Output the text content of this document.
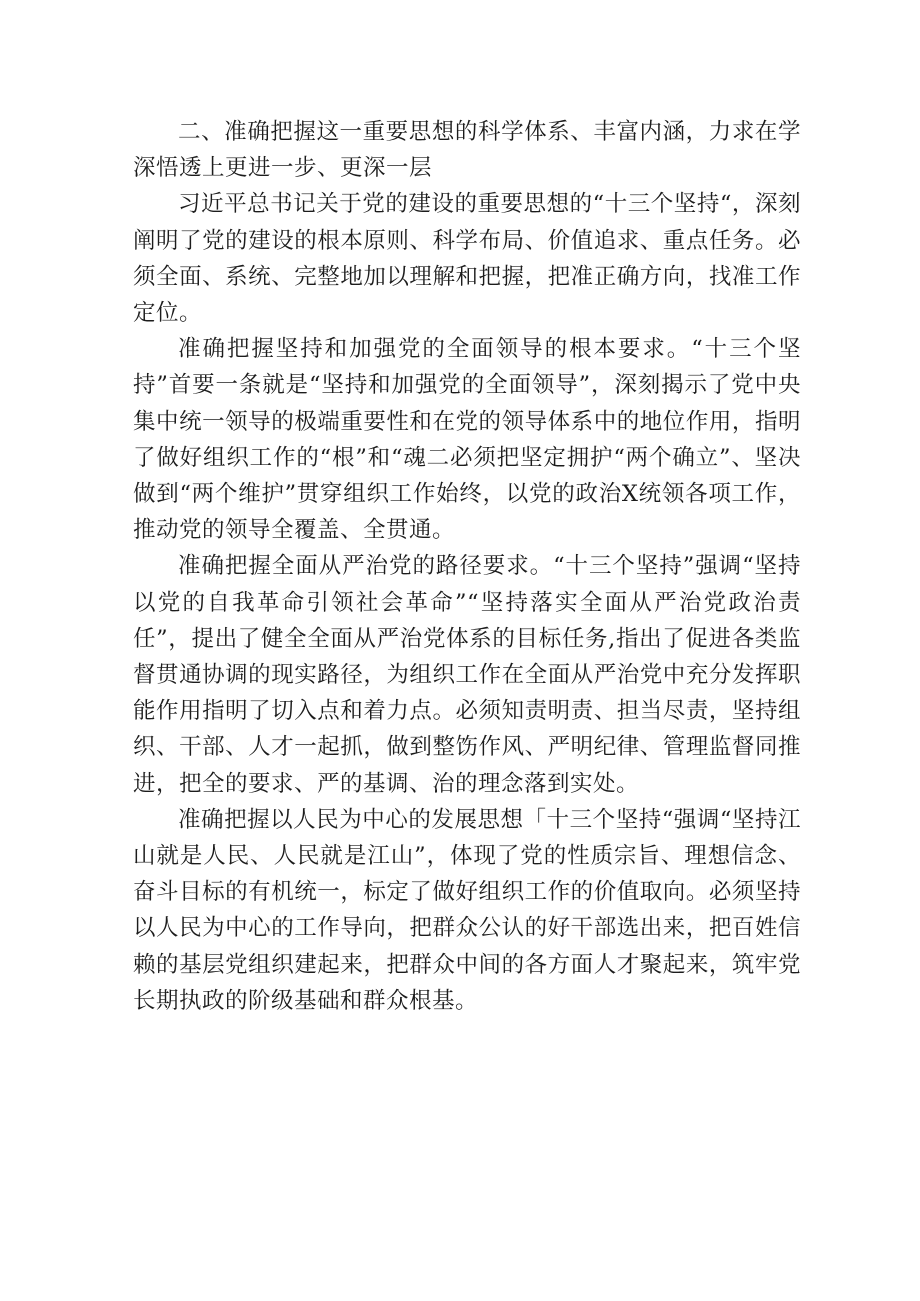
二、准确把握这一重要思想的科学体系、丰富内涵，力求在学深悟透上更进一步、更深一层

习近平总书记关于党的建设的重要思想的“十三个坚持“，深刻阐明了党的建设的根本原则、科学布局、价值追求、重点任务。必须全面、系统、完整地加以理解和把握，把准正确方向，找准工作定位。

准确把握坚持和加强党的全面领导的根本要求。“十三个坚持”首要一条就是“坚持和加强党的全面领导”，深刻揭示了党中央集中统一领导的极端重要性和在党的领导体系中的地位作用，指明了做好组织工作的“根”和“魂二必须把坚定拥护“两个确立”、坚决做到“两个维护”贯穿组织工作始终，以党的政治X统领各项工作，推动党的领导全覆盖、全贯通。

准确把握全面从严治党的路径要求。“十三个坚持”强调“坚持以党的自我革命引领社会革命”“坚持落实全面从严治党政治责任”，提出了健全全面从严治党体系的目标任务,指出了促进各类监督贯通协调的现实路径，为组织工作在全面从严治党中充分发挥职能作用指明了切入点和着力点。必须知责明责、担当尽责，坚持组织、干部、人才一起抓，做到整饬作风、严明纪律、管理监督同推进，把全的要求、严的基调、治的理念落到实处。

准确把握以人民为中心的发展思想「十三个坚持“强调“坚持江山就是人民、人民就是江山”，体现了党的性质宗旨、理想信念、奋斗目标的有机统一，标定了做好组织工作的价值取向。必须坚持以人民为中心的工作导向，把群众公认的好干部选出来，把百姓信赖的基层党组织建起来，把群众中间的各方面人才聚起来，筑牢党长期执政的阶级基础和群众根基。
